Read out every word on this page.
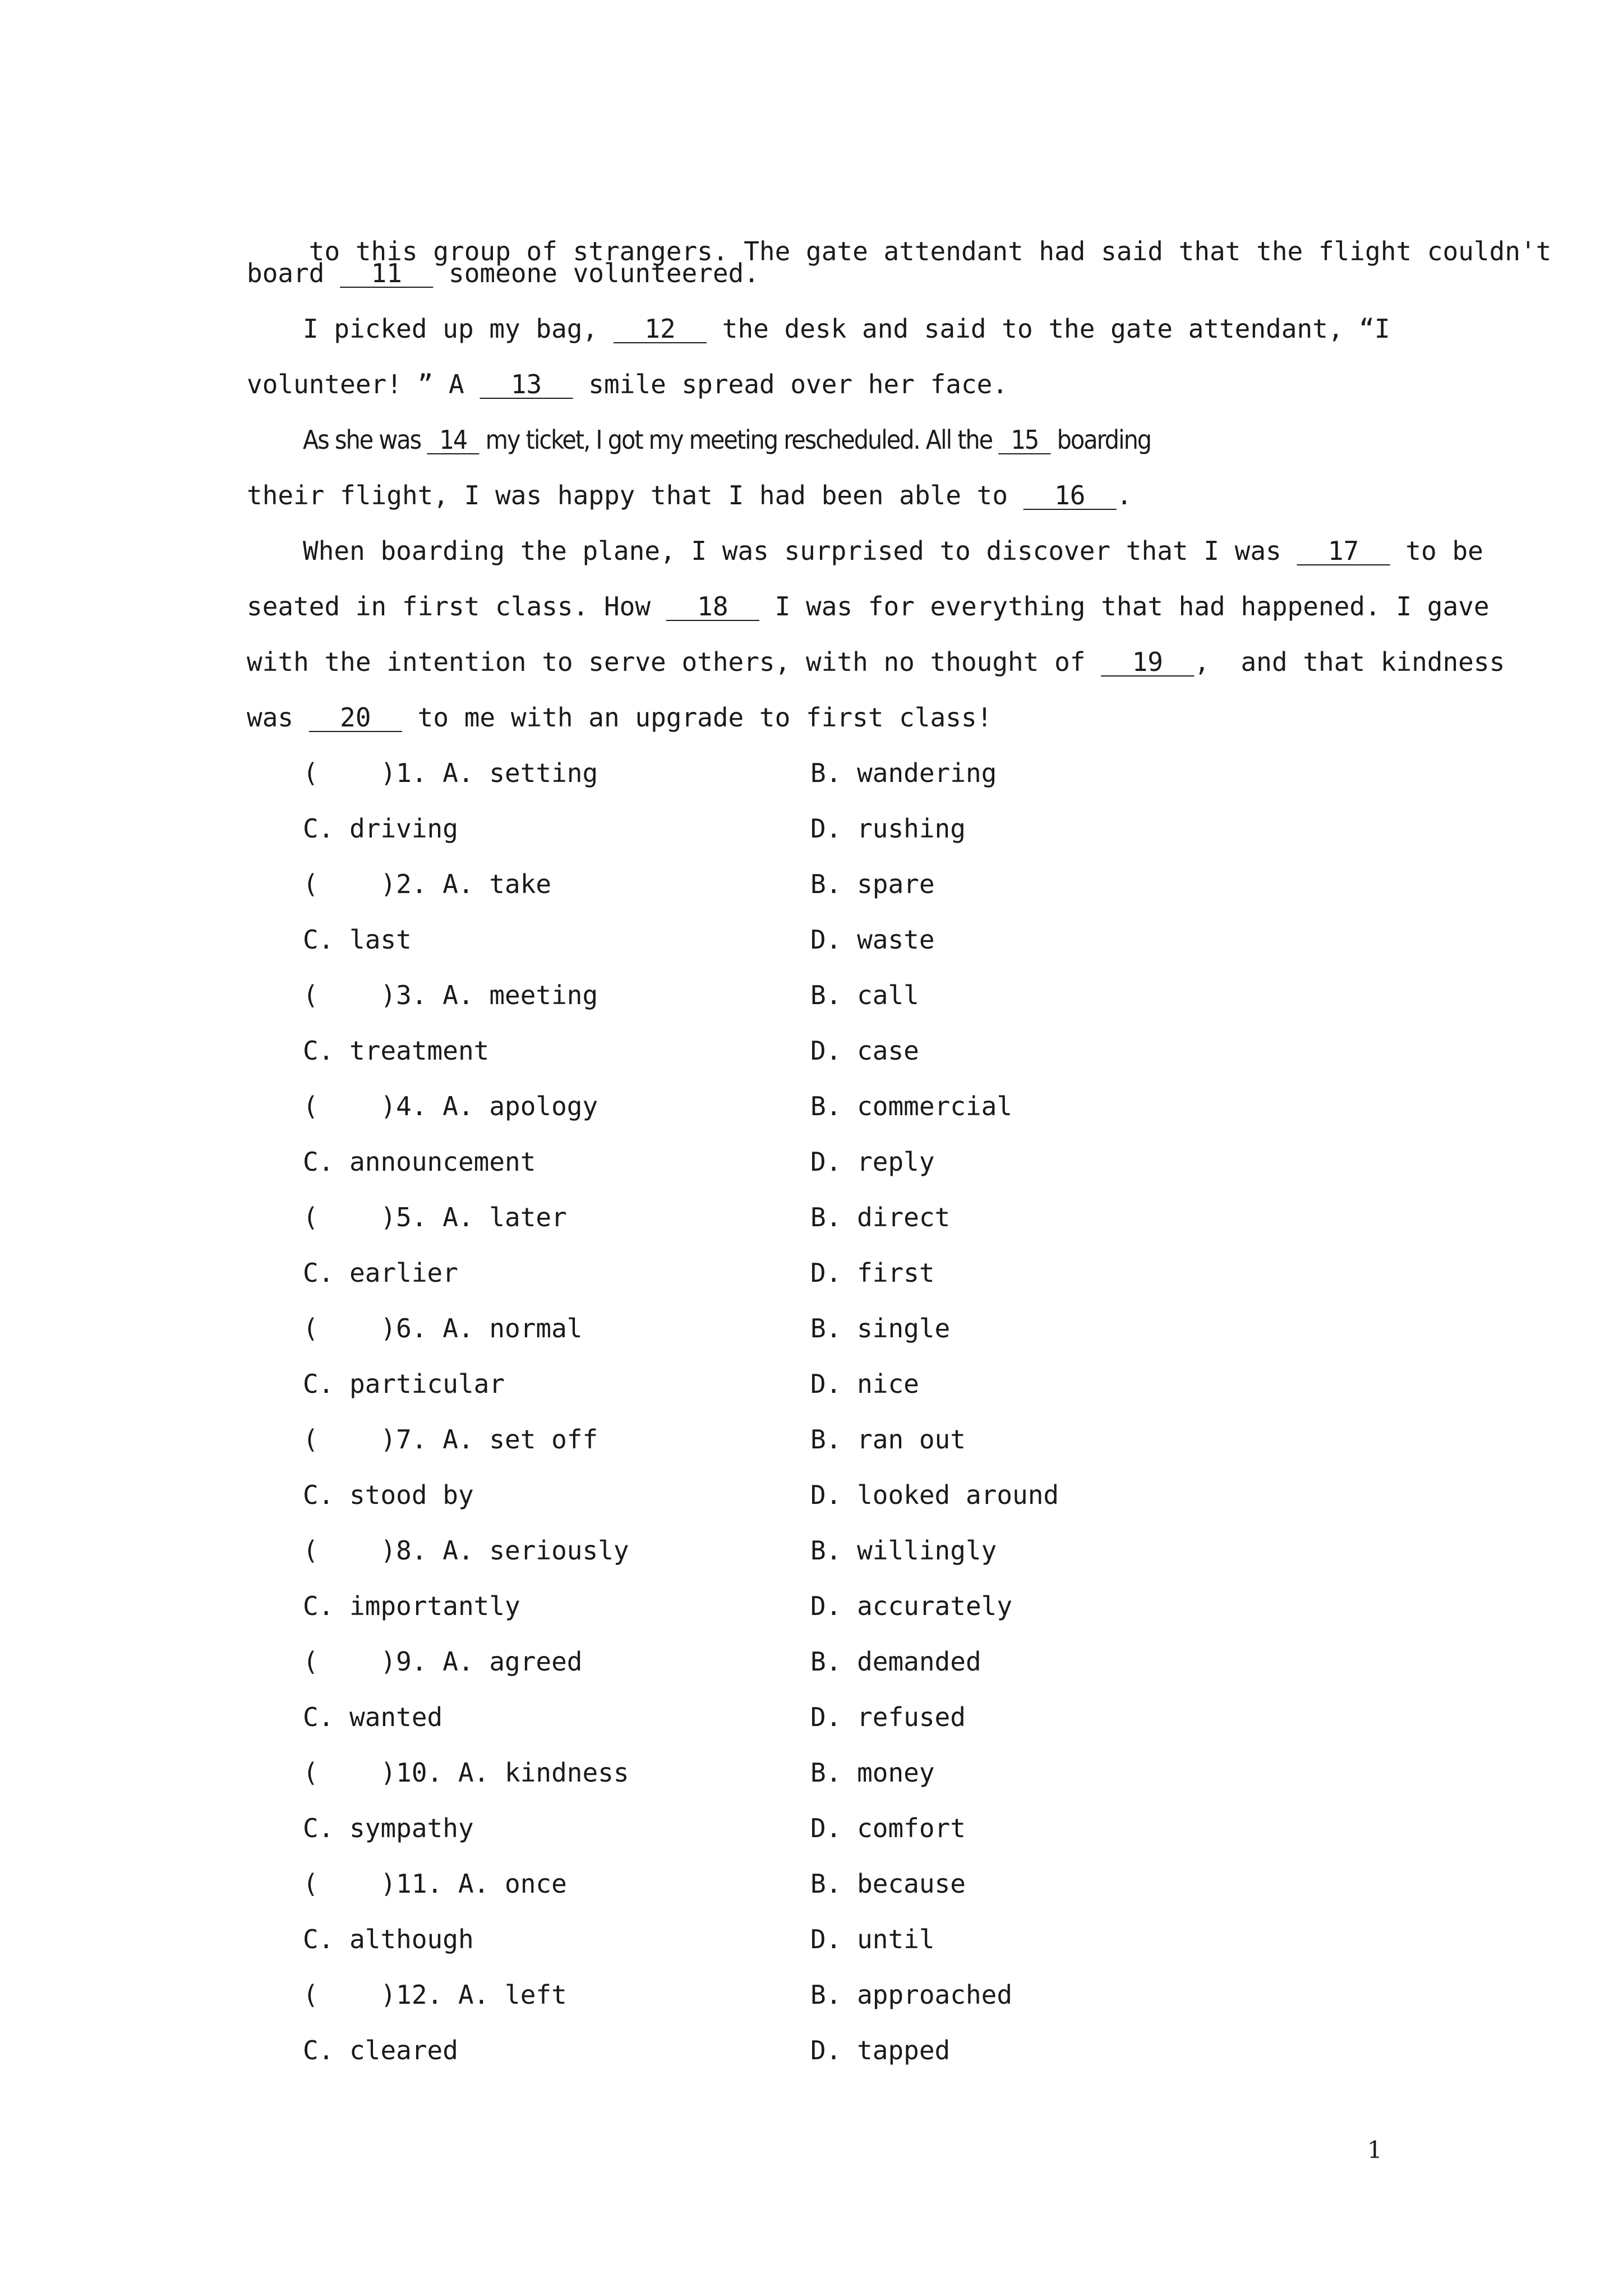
to this group of strangers. The gate attendant had said that the flight couldn't

board   11   someone volunteered.
I picked up my bag,   12   the desk and said to the gate attendant, “I
volunteer! ” A   13   smile spread over her face.
As she was   14   my ticket, I got my meeting rescheduled. All the   15   boarding
their flight, I was happy that I had been able to   16 .
When boarding the plane, I was surprised to discover that I was   17   to be
seated in first class. How   18   I was for everything that had happened. I gave
with the intention to serve others, with no thought of   19 ,  and that kindness
was   20   to me with an upgrade to first class!
(    )1. A. setting	B. wandering
C. driving	D. rushing
(    )2. A. take	B. spare
C. last	D. waste
(    )3. A. meeting	B. call
C. treatment	D. case
(    )4. A. apology	B. commercial
C. announcement	D. reply
(    )5. A. later	B. direct
C. earlier	D. first
(    )6. A. normal	B. single
C. particular	D. nice
(    )7. A. set off	B. ran out
C. stood by	D. looked around
(    )8. A. seriously	B. willingly
C. importantly	D. accurately
(    )9. A. agreed	B. demanded
C. wanted	D. refused
(    )10. A. kindness	B. money
C. sympathy	D. comfort
(    )11. A. once	B. because
C. although	D. until
(    )12. A. left	B. approached
C. cleared	D. tapped
1
